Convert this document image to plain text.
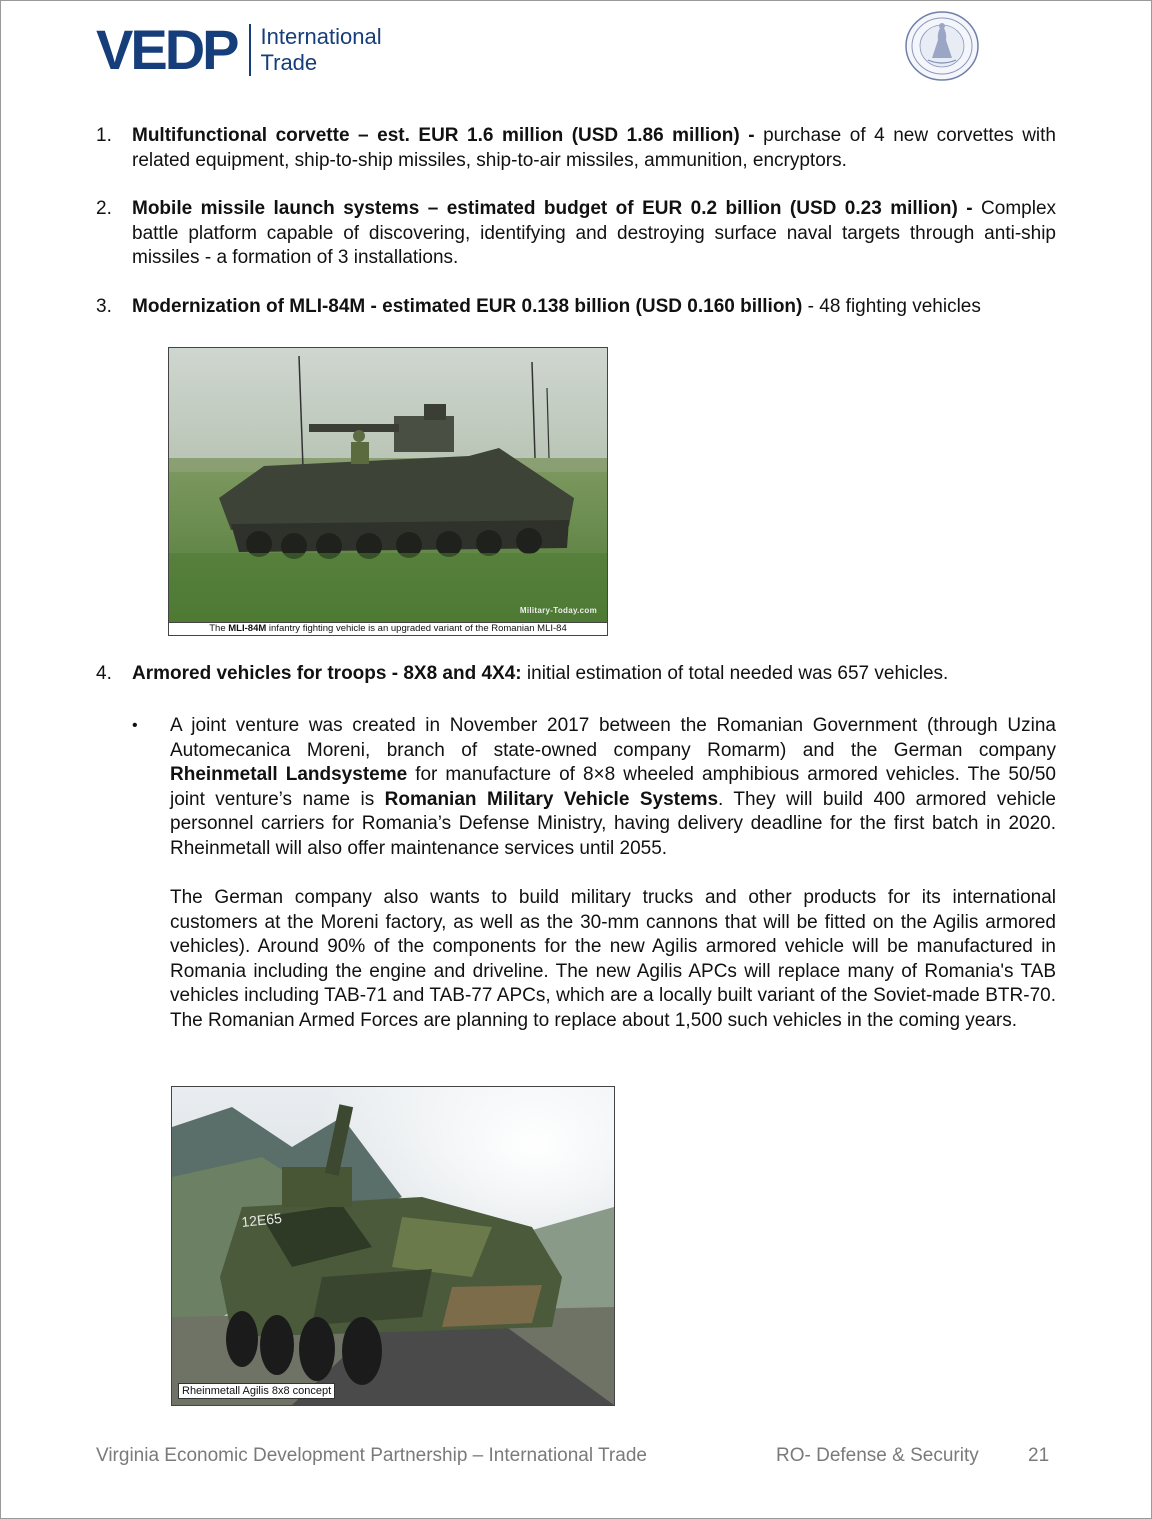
VEDP International
Trade
1.	Multifunctional corvette – est. EUR 1.6 million (USD 1.86 million) - purchase of 4 new corvettes with related equipment, ship-to-ship missiles, ship-to-air missiles, ammunition, encryptors.
2.	Mobile missile launch systems – estimated budget of EUR 0.2 billion (USD 0.23 million) - Complex battle platform capable of discovering, identifying and destroying surface naval targets through anti-ship missiles - a formation of 3 installations.
3.	Modernization of MLI-84M - estimated EUR 0.138 billion (USD 0.160 billion) - 48 fighting vehicles
Military-Today.com
The MLI-84M infantry fighting vehicle is an upgraded variant of the Romanian MLI-84
4.	Armored vehicles for troops - 8X8 and 4X4: initial estimation of total needed was 657 vehicles.
•	A joint venture was created in November 2017 between the Romanian Government (through Uzina Automecanica Moreni, branch of state-owned company Romarm) and the German company Rheinmetall Landsysteme for manufacture of 8×8 wheeled amphibious armored vehicles. The 50/50 joint venture’s name is Romanian Military Vehicle Systems. They will build 400 armored vehicle personnel carriers for Romania’s Defense Ministry, having delivery deadline for the first batch in 2020. Rheinmetall will also offer maintenance services until 2055.
The German company also wants to build military trucks and other products for its international customers at the Moreni factory, as well as the 30-mm cannons that will be fitted on the Agilis armored vehicles). Around 90% of the components for the new Agilis armored vehicle will be manufactured in Romania including the engine and driveline. The new Agilis APCs will replace many of Romania's TAB vehicles including TAB-71 and TAB-77 APCs, which are a locally built variant of the Soviet-made BTR-70. The Romanian Armed Forces are planning to replace about 1,500 such vehicles in the coming years.
12E65
Rheinmetall Agilis 8x8 concept
Virginia Economic Development Partnership – International Trade	RO- Defense & Security	21
